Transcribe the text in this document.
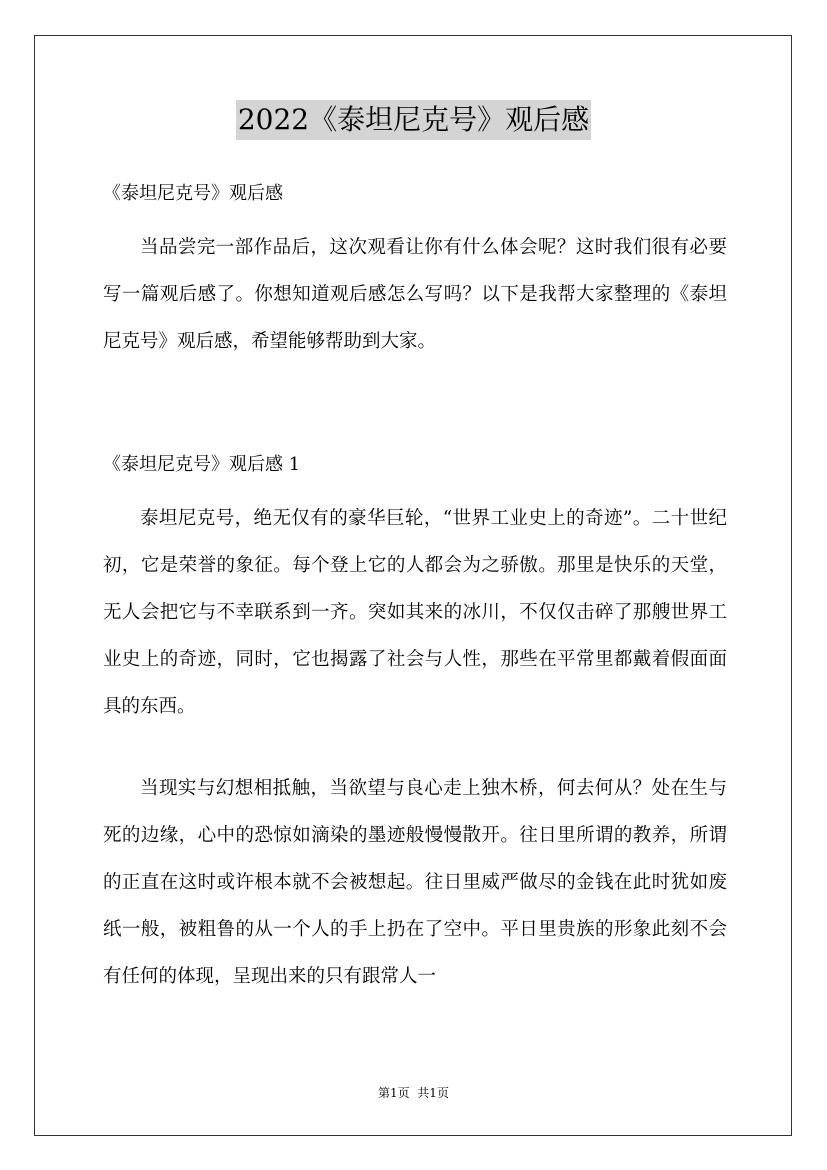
2022《泰坦尼克号》观后感
《泰坦尼克号》观后感

当品尝完一部作品后，这次观看让你有什么体会呢？这时我们很有必要写一篇观后感了。你想知道观后感怎么写吗？以下是我帮大家整理的《泰坦尼克号》观后感，希望能够帮助到大家。

《泰坦尼克号》观后感 1

泰坦尼克号，绝无仅有的豪华巨轮，“世界工业史上的奇迹”。二十世纪初，它是荣誉的象征。每个登上它的人都会为之骄傲。那里是快乐的天堂，无人会把它与不幸联系到一齐。突如其来的冰川，不仅仅击碎了那艘世界工业史上的奇迹，同时，它也揭露了社会与人性，那些在平常里都戴着假面面具的东西。

当现实与幻想相抵触，当欲望与良心走上独木桥，何去何从？处在生与死的边缘，心中的恐惊如滴染的墨迹般慢慢散开。往日里所谓的教养，所谓的正直在这时或许根本就不会被想起。往日里威严做尽的金钱在此时犹如废纸一般，被粗鲁的从一个人的手上扔在了空中。平日里贵族的形象此刻不会有任何的体现，呈现出来的只有跟常人一

第1页  共1页
